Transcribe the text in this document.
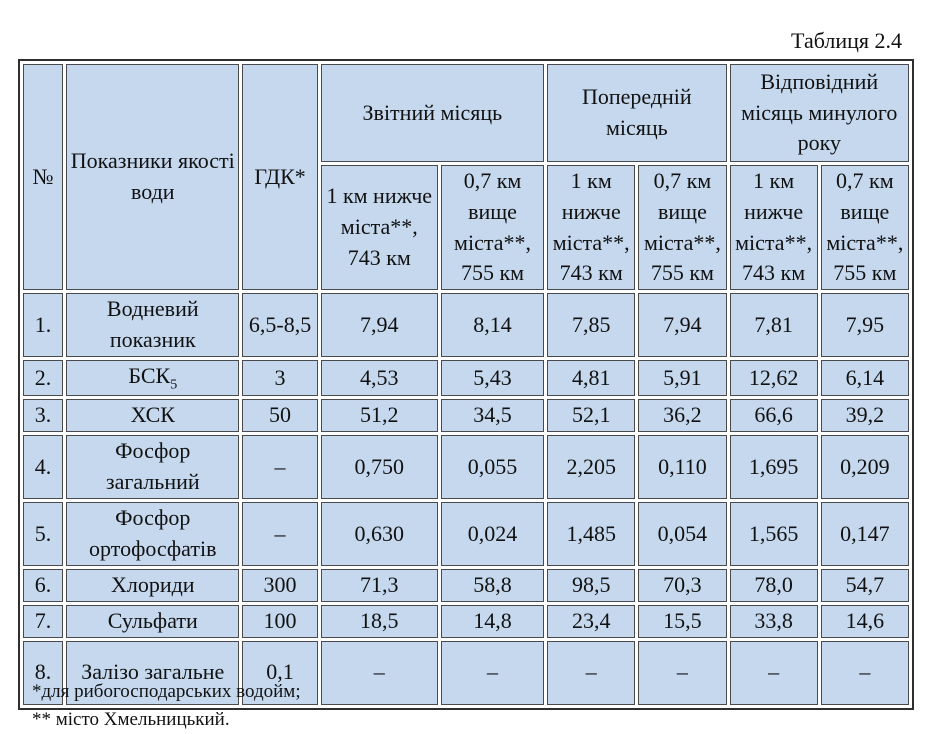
Таблиця 2.4
№	Показники якості води	ГДК*	Звітний місяць		Попередній місяць		Відповідний місяць минулого року	
			1 км нижче міста**, 743 км	0,7 км вище міста**, 755 км	1 км нижче міста**, 743 км	0,7 км вище міста**, 755 км	1 км нижче міста**, 743 км	0,7 км вище міста**, 755 км
1.	Водневий показник	6,5-8,5	7,94	8,14	7,85	7,94	7,81	7,95
2.	$БСК_5$	3	4,53	5,43	4,81	5,91	12,62	6,14
3.	ХСК	50	51,2	34,5	52,1	36,2	66,6	39,2
4.	Фосфор загальний	–	0,750	0,055	2,205	0,110	1,695	0,209
5.	Фосфор ортофосфатів	–	0,630	0,024	1,485	0,054	1,565	0,147
6.	Хлориди	300	71,3	58,8	98,5	70,3	78,0	54,7
7.	Сульфати	100	18,5	14,8	23,4	15,5	33,8	14,6
8.	Залізо загальне	0,1	–	–	–	–	–	–
*для рибогосподарських водойм;
** місто Хмельницький.
